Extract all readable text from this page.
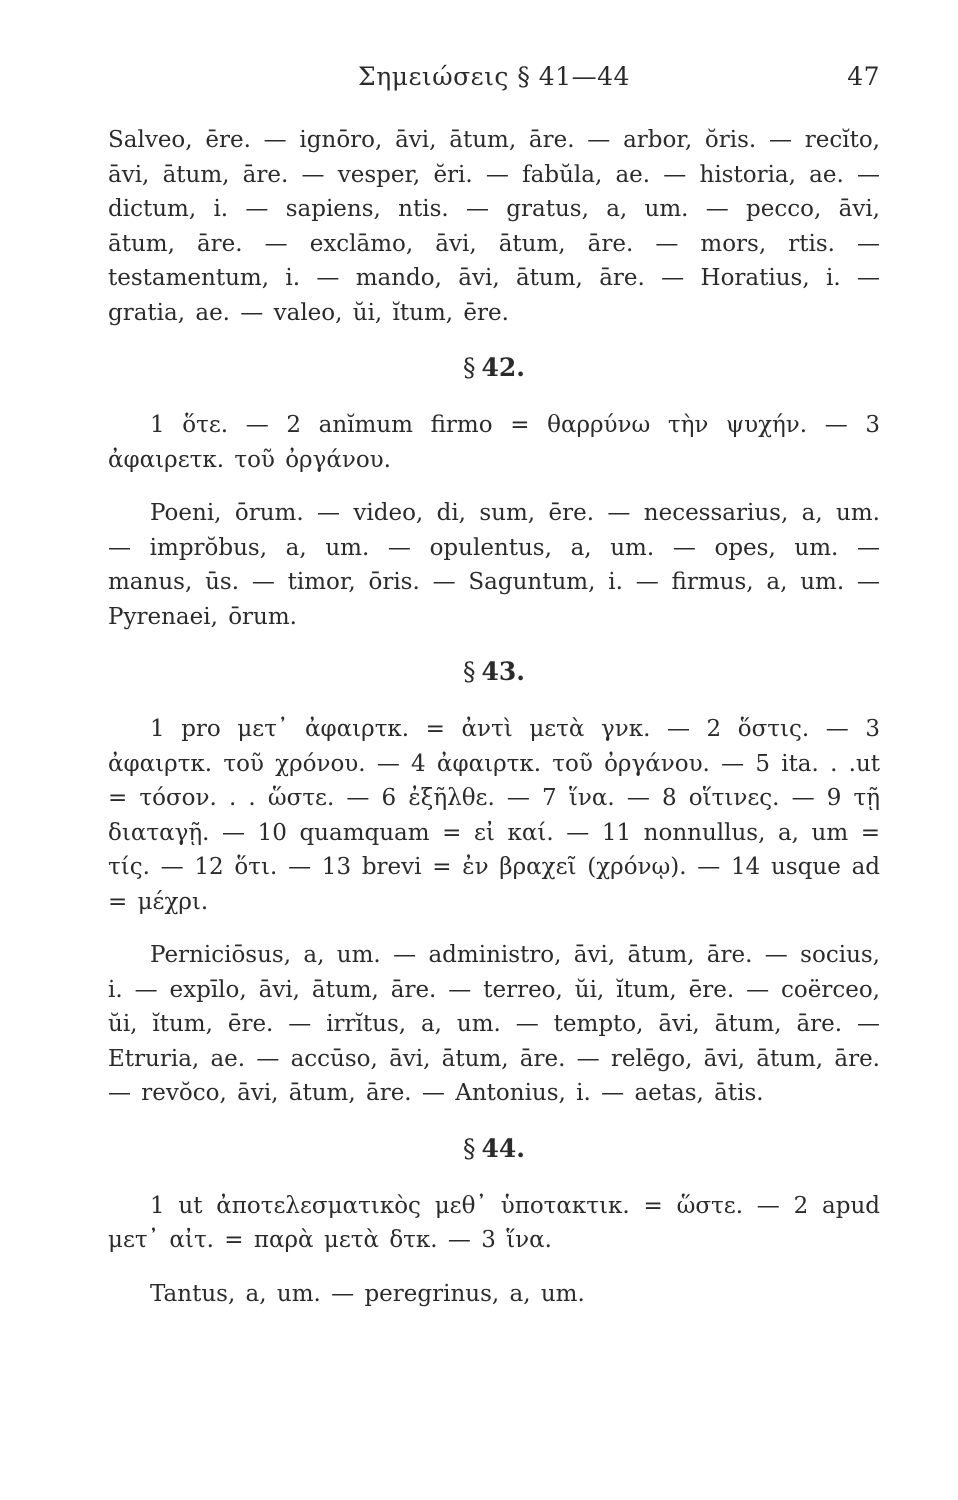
Σημειώσεις § 41—44	47

Salveo, ēre. — ignōro, āvi, ātum, āre. — arbor, ŏris. — recĭto, āvi, ātum, āre. — vesper, ĕri. — fabŭla, ae. — historia, ae. — dictum, i. — sapiens, ntis. — gratus, a, um. — pecco, āvi, ātum, āre. — exclāmo, āvi, ātum, āre. — mors, rtis. — testamentum, i. — mando, āvi, ātum, āre. — Horatius, i. — gratia, ae. — valeo, ŭi, ĭtum, ēre.

§ 42.

1 ὅτε. — 2 anĭmum firmo = θαρρύνω τὴν ψυχήν. — 3 ἀφαιρετκ. τοῦ ὀργάνου.

Poeni, ōrum. — video, di, sum, ēre. — necessarius, a, um. — imprŏbus, a, um. — opulentus, a, um. — opes, um. — manus, ūs. — timor, ōris. — Saguntum, i. — firmus, a, um. — Pyrenaei, ōrum.

§ 43.

1 pro μετ᾽ ἀφαιρτκ. = ἀντὶ μετὰ γνκ. — 2 ὅστις. — 3 ἀφαιρτκ. τοῦ χρόνου. — 4 ἀφαιρτκ. τοῦ ὀργάνου. — 5 ita. . .ut = τόσον. . . ὥστε. — 6 ἐξῆλθε. — 7 ἵνα. — 8 οἵτινες. — 9 τῇ διαταγῇ. — 10 quamquam = εἰ καί. — 11 nonnullus, a, um = τίς. — 12 ὅτι. — 13 brevi = ἐν βραχεῖ (χρόνῳ). — 14 usque ad = μέχρι.

Perniciōsus, a, um. — administro, āvi, ātum, āre. — socius, i. — expīlo, āvi, ātum, āre. — terreo, ŭi, ĭtum, ēre. — coërceo, ŭi, ĭtum, ēre. — irrĭtus, a, um. — tempto, āvi, ātum, āre. — Etruria, ae. — accūso, āvi, ātum, āre. — relēgo, āvi, ātum, āre. — revŏco, āvi, ātum, āre. — Antonius, i. — aetas, ātis.

§ 44.

1 ut ἀποτελεσματικὸς μεθ᾽ ὑποτακτικ. = ὥστε. — 2 apud μετ᾽ αἰτ. = παρὰ μετὰ δτκ. — 3 ἵνα.

Tantus, a, um. — peregrinus, a, um.
